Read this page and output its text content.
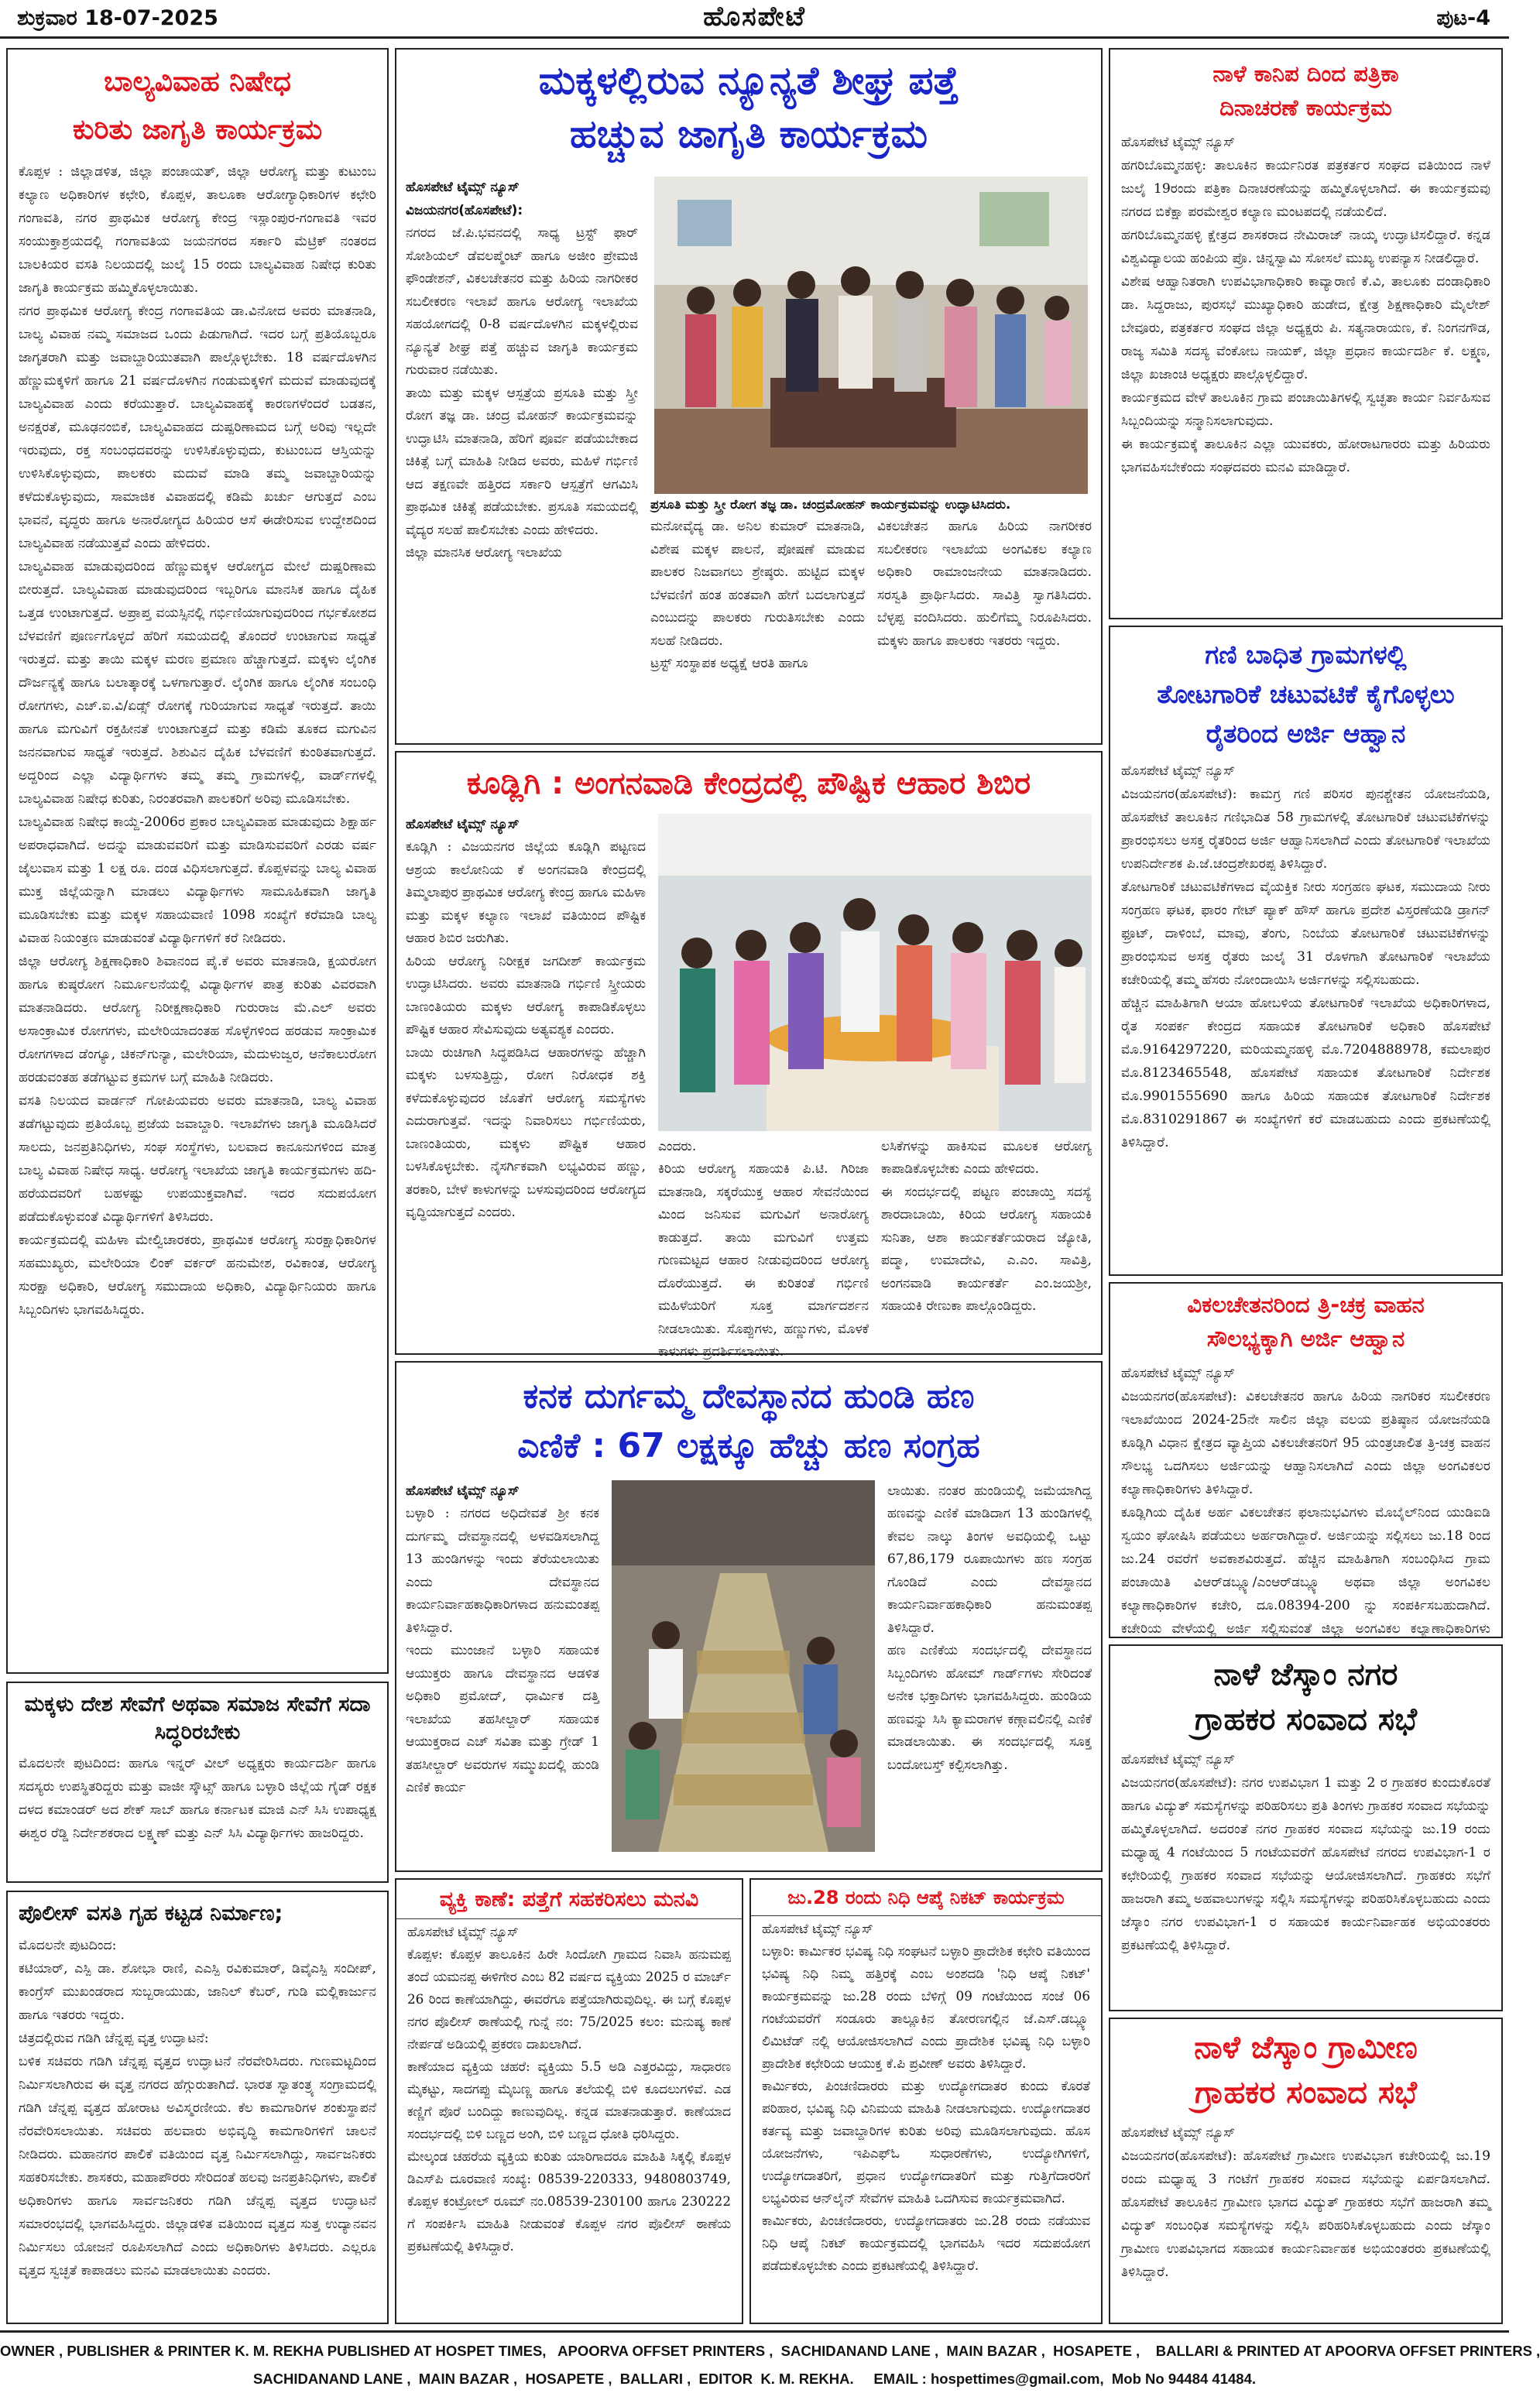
ಶುಕ್ರವಾರ 18-07-2025	ಹೊಸಪೇಟೆ	ಪುಟ-4
ಬಾಲ್ಯವಿವಾಹ ನಿಷೇಧ
ಕುರಿತು ಜಾಗೃತಿ ಕಾರ್ಯಕ್ರಮ
ಕೊಪ್ಪಳ : ಜಿಲ್ಲಾಡಳಿತ, ಜಿಲ್ಲಾ ಪಂಚಾಯತ್, ಜಿಲ್ಲಾ ಆರೋಗ್ಯ ಮತ್ತು ಕುಟುಂಬ ಕಲ್ಯಾಣ ಅಧಿಕಾರಿಗಳ ಕಛೇರಿ, ಕೊಪ್ಪಳ, ತಾಲೂಕಾ ಆರೋಗ್ಯಾಧಿಕಾರಿಗಳ ಕಛೇರಿ ಗಂಗಾವತಿ, ನಗರ ಪ್ರಾಥಮಿಕ ಆರೋಗ್ಯ ಕೇಂದ್ರ ಇಸ್ಲಾಂಪುರ-ಗಂಗಾವತಿ ಇವರ ಸಂಯುಕ್ತಾಶ್ರಯದಲ್ಲಿ ಗಂಗಾವತಿಯ ಜಯನಗರದ ಸರ್ಕಾರಿ ಮೆಟ್ರಿಕ್ ನಂತರದ ಬಾಲಕಿಯರ ವಸತಿ ನಿಲಯದಲ್ಲಿ ಜುಲೈ 15 ರಂದು ಬಾಲ್ಯವಿವಾಹ ನಿಷೇಧ ಕುರಿತು ಜಾಗೃತಿ ಕಾರ್ಯಕ್ರಮ ಹಮ್ಮಿಕೊಳ್ಳಲಾಯಿತು.
ನಗರ ಪ್ರಾಥಮಿಕ ಆರೋಗ್ಯ ಕೇಂದ್ರ ಗಂಗಾವತಿಯ ಡಾ.ವಿನೋದ ಅವರು ಮಾತನಾಡಿ, ಬಾಲ್ಯ ವಿವಾಹ ನಮ್ಮ ಸಮಾಜದ ಒಂದು ಪಿಡುಗಾಗಿದೆ. ಇದರ ಬಗ್ಗೆ ಪ್ರತಿಯೊಬ್ಬರೂ ಜಾಗೃತರಾಗಿ ಮತ್ತು ಜವಾಬ್ದಾರಿಯುತವಾಗಿ ಪಾಲ್ಗೊಳ್ಳಬೇಕು. 18 ವರ್ಷದೊಳಗಿನ ಹೆಣ್ಣುಮಕ್ಕಳಿಗೆ ಹಾಗೂ 21 ವರ್ಷದೊಳಗಿನ ಗಂಡುಮಕ್ಕಳಿಗೆ ಮದುವೆ ಮಾಡುವುದಕ್ಕೆ ಬಾಲ್ಯವಿವಾಹ ಎಂದು ಕರೆಯುತ್ತಾರೆ. ಬಾಲ್ಯವಿವಾಹಕ್ಕೆ ಕಾರಣಗಳೆಂದರೆ ಬಡತನ, ಅನಕ್ಷರತೆ, ಮೂಢನಂಬಿಕೆ, ಬಾಲ್ಯವಿವಾಹದ ದುಷ್ಪರಿಣಾಮದ ಬಗ್ಗೆ ಅರಿವು ಇಲ್ಲದೇ ಇರುವುದು, ರಕ್ತ ಸಂಬಂಧದವರನ್ನು ಉಳಿಸಿಕೊಳ್ಳುವುದು, ಕುಟುಂಬದ ಆಸ್ತಿಯನ್ನು ಉಳಿಸಿಕೊಳ್ಳುವುದು, ಪಾಲಕರು ಮದುವೆ ಮಾಡಿ ತಮ್ಮ ಜವಾಬ್ದಾರಿಯನ್ನು ಕಳೆದುಕೊಳ್ಳುವುದು, ಸಾಮಾಜಿಕ ವಿವಾಹದಲ್ಲಿ ಕಡಿಮೆ ಖರ್ಚು ಆಗುತ್ತದೆ ಎಂಬ ಭಾವನೆ, ವೃದ್ಧರು ಹಾಗೂ ಅನಾರೋಗ್ಯದ ಹಿರಿಯರ ಆಸೆ ಈಡೇರಿಸುವ ಉದ್ದೇಶದಿಂದ ಬಾಲ್ಯವಿವಾಹ ನಡೆಯುತ್ತವೆ ಎಂದು ಹೇಳಿದರು.
ಬಾಲ್ಯವಿವಾಹ ಮಾಡುವುದರಿಂದ ಹೆಣ್ಣುಮಕ್ಕಳ ಆರೋಗ್ಯದ ಮೇಲೆ ದುಷ್ಪರಿಣಾಮ ಬೀರುತ್ತದೆ. ಬಾಲ್ಯವಿವಾಹ ಮಾಡುವುದರಿಂದ ಇಬ್ಬರಿಗೂ ಮಾನಸಿಕ ಹಾಗೂ ದೈಹಿಕ ಒತ್ತಡ ಉಂಟಾಗುತ್ತದೆ. ಅಪ್ರಾಪ್ತ ವಯಸ್ಸಿನಲ್ಲಿ ಗರ್ಭಿಣಿಯಾಗುವುದರಿಂದ ಗರ್ಭಕೋಶದ ಬೆಳವಣಿಗೆ ಪೂರ್ಣಗೊಳ್ಳದೆ ಹೆರಿಗೆ ಸಮಯದಲ್ಲಿ ತೊಂದರೆ ಉಂಟಾಗುವ ಸಾಧ್ಯತೆ ಇರುತ್ತದೆ. ಮತ್ತು ತಾಯಿ ಮಕ್ಕಳ ಮರಣ ಪ್ರಮಾಣ ಹೆಚ್ಚಾಗುತ್ತದೆ. ಮಕ್ಕಳು ಲೈಂಗಿಕ ದೌರ್ಜನ್ಯಕ್ಕೆ ಹಾಗೂ ಬಲಾತ್ಕಾರಕ್ಕೆ ಒಳಗಾಗುತ್ತಾರೆ. ಲೈಂಗಿಕ ಹಾಗೂ ಲೈಂಗಿಕ ಸಂಬಂಧಿ ರೋಗಗಳು, ಎಚ್.ಐ.ವಿ/ಏಡ್ಸ್ ರೋಗಕ್ಕೆ ಗುರಿಯಾಗುವ ಸಾಧ್ಯತೆ ಇರುತ್ತದೆ. ತಾಯಿ ಹಾಗೂ ಮಗುವಿಗೆ ರಕ್ತಹೀನತೆ ಉಂಟಾಗುತ್ತದೆ ಮತ್ತು ಕಡಿಮೆ ತೂಕದ ಮಗುವಿನ ಜನನವಾಗುವ ಸಾಧ್ಯತೆ ಇರುತ್ತದೆ. ಶಿಶುವಿನ ದೈಹಿಕ ಬೆಳವಣಿಗೆ ಕುಂಠಿತವಾಗುತ್ತದೆ. ಅದ್ದರಿಂದ ಎಲ್ಲಾ ವಿದ್ಯಾರ್ಥಿಗಳು ತಮ್ಮ ತಮ್ಮ ಗ್ರಾಮಗಳಲ್ಲಿ, ವಾರ್ಡ್‌ಗಳಲ್ಲಿ ಬಾಲ್ಯವಿವಾಹ ನಿಷೇಧ ಕುರಿತು, ನಿರಂತರವಾಗಿ ಪಾಲಕರಿಗೆ ಅರಿವು ಮೂಡಿಸಬೇಕು.
ಬಾಲ್ಯವಿವಾಹ ನಿಷೇಧ ಕಾಯ್ದೆ-2006ರ ಪ್ರಕಾರ ಬಾಲ್ಯವಿವಾಹ ಮಾಡುವುದು ಶಿಕ್ಷಾರ್ಹ ಅಪರಾಧವಾಗಿದೆ. ಅದನ್ನು ಮಾಡುವವರಿಗೆ ಮತ್ತು ಮಾಡಿಸುವವರಿಗೆ ಎರಡು ವರ್ಷ ಜೈಲುವಾಸ ಮತ್ತು 1 ಲಕ್ಷ ರೂ. ದಂಡ ವಿಧಿಸಲಾಗುತ್ತದೆ. ಕೊಪ್ಪಳವನ್ನು ಬಾಲ್ಯ ವಿವಾಹ ಮುಕ್ತ ಜಿಲ್ಲೆಯನ್ನಾಗಿ ಮಾಡಲು ವಿದ್ಯಾರ್ಥಿಗಳು ಸಾಮೂಹಿಕವಾಗಿ ಜಾಗೃತಿ ಮೂಡಿಸಬೇಕು ಮತ್ತು ಮಕ್ಕಳ ಸಹಾಯವಾಣಿ 1098 ಸಂಖ್ಯೆಗೆ ಕರೆಮಾಡಿ ಬಾಲ್ಯ ವಿವಾಹ ನಿಯಂತ್ರಣ ಮಾಡುವಂತೆ ವಿದ್ಯಾರ್ಥಿಗಳಿಗೆ ಕರೆ ನೀಡಿದರು.
ಜಿಲ್ಲಾ ಆರೋಗ್ಯ ಶಿಕ್ಷಣಾಧಿಕಾರಿ ಶಿವಾನಂದ ಪೈ.ಕೆ ಅವರು ಮಾತನಾಡಿ, ಕ್ಷಯರೋಗ ಹಾಗೂ ಕುಷ್ಠರೋಗ ನಿರ್ಮೂಲನೆಯಲ್ಲಿ ವಿದ್ಯಾರ್ಥಿಗಳ ಪಾತ್ರ ಕುರಿತು ವಿವರವಾಗಿ ಮಾತನಾಡಿದರು. ಆರೋಗ್ಯ ನಿರೀಕ್ಷಣಾಧಿಕಾರಿ ಗುರುರಾಜ ಮೆ.ಎಲ್ ಅವರು ಅಸಾಂಕ್ರಾಮಿಕ ರೋಗಗಳು, ಮಲೇರಿಯಾದಂತಹ ಸೊಳ್ಳೆಗಳಿಂದ ಹರಡುವ ಸಾಂಕ್ರಾಮಿಕ ರೋಗಗಳಾದ ಡೆಂಗ್ಯೂ, ಚಿಕನ್‌ಗುನ್ಯಾ, ಮಲೇರಿಯಾ, ಮೆದುಳುಜ್ವರ, ಆನೆಕಾಲುರೋಗ ಹರಡುವಂತಹ ತಡೆಗಟ್ಟುವ ಕ್ರಮಗಳ ಬಗ್ಗೆ ಮಾಹಿತಿ ನೀಡಿದರು.
ವಸತಿ ನಿಲಯದ ವಾರ್ಡನ್ ಗೋಪಿಯವರು ಅವರು ಮಾತನಾಡಿ, ಬಾಲ್ಯ ವಿವಾಹ ತಡೆಗಟ್ಟುವುದು ಪ್ರತಿಯೊಬ್ಬ ಪ್ರಜೆಯ ಜವಾಬ್ದಾರಿ. ಇಲಾಖೆಗಳು ಜಾಗೃತಿ ಮೂಡಿಸಿದರೆ ಸಾಲದು, ಜನಪ್ರತಿನಿಧಿಗಳು, ಸಂಘ ಸಂಸ್ಥೆಗಳು, ಬಲವಾದ ಕಾನೂನುಗಳಿಂದ ಮಾತ್ರ ಬಾಲ್ಯ ವಿವಾಹ ನಿಷೇಧ ಸಾಧ್ಯ. ಆರೋಗ್ಯ ಇಲಾಖೆಯ ಜಾಗೃತಿ ಕಾರ್ಯಕ್ರಮಗಳು ಹದಿ-ಹರೆಯದವರಿಗೆ ಬಹಳಷ್ಟು ಉಪಯುಕ್ತವಾಗಿವೆ. ಇದರ ಸದುಪಯೋಗ ಪಡೆದುಕೊಳ್ಳುವಂತೆ ವಿದ್ಯಾರ್ಥಿಗಳಿಗೆ ತಿಳಿಸಿದರು.
ಕಾರ್ಯಕ್ರಮದಲ್ಲಿ ಮಹಿಳಾ ಮೇಲ್ವಿಚಾರಕರು, ಪ್ರಾಥಮಿಕ ಆರೋಗ್ಯ ಸುರಕ್ಷಾಧಿಕಾರಿಗಳ ಸಹಮುಖ್ಯರು, ಮಲೇರಿಯಾ ಲಿಂಕ್ ವರ್ಕರ್ ಹನುಮೇಶ, ರವಿಕಾಂತ, ಆರೋಗ್ಯ ಸುರಕ್ಷಾ ಅಧಿಕಾರಿ, ಆರೋಗ್ಯ ಸಮುದಾಯ ಅಧಿಕಾರಿ, ವಿದ್ಯಾರ್ಥಿನಿಯರು ಹಾಗೂ ಸಿಬ್ಬಂದಿಗಳು ಭಾಗವಹಿಸಿದ್ದರು.
ಮಕ್ಕಳು ದೇಶ ಸೇವೆಗೆ ಅಥವಾ ಸಮಾಜ ಸೇವೆಗೆ ಸದಾ ಸಿದ್ಧರಿರಬೇಕು
ಮೊದಲನೇ ಪುಟದಿಂದ: ಹಾಗೂ ಇನ್ನರ್ ವೀಲ್ ಅಧ್ಯಕ್ಷರು ಕಾರ್ಯದರ್ಶಿ ಹಾಗೂ ಸದಸ್ಯರು ಉಪಸ್ಥಿತರಿದ್ದರು ಮತ್ತು ವಾಜೀ ಸ್ಕೌಟ್ಸ್ ಹಾಗೂ ಬಳ್ಳಾರಿ ಜಿಲ್ಲೆಯ ಗೈಡ್ ರಕ್ಷಕ ದಳದ ಕಮಾಂಡರ್ ಅದ ಶೇಕ್ ಸಾಬ್ ಹಾಗೂ ಕರ್ನಾಟಕ ಮಾಜಿ ಎನ್ ಸಿಸಿ ಉಪಾಧ್ಯಕ್ಷ ಈಶ್ವರ ರೆಡ್ಡಿ ನಿರ್ದೇಶಕರಾದ ಲಕ್ಷ್ಮಣ್ ಮತ್ತು ಎನ್ ಸಿಸಿ ವಿದ್ಯಾರ್ಥಿಗಳು ಹಾಜರಿದ್ದರು.
ಪೊಲೀಸ್ ವಸತಿ ಗೃಹ ಕಟ್ಟಡ ನಿರ್ಮಾಣ;
ಮೊದಲನೇ ಪುಟದಿಂದ:
ಕಟಿಯಾರ್, ಎಸ್ಪಿ ಡಾ. ಶೋಭಾ ರಾಣಿ, ಎಎಸ್ಪಿ ರವಿಕುಮಾರ್, ಡಿವೈಎಸ್ಪಿ ಸಂದೀಪ್, ಕಾಂಗ್ರೆಸ್ ಮುಖಂಡರಾದ ಸುಬ್ಬರಾಯುಡು, ಜಾನಿಲ್ ಕೆಬರ್, ಗುಡಿ ಮಲ್ಲಿಕಾರ್ಜುನ ಹಾಗೂ ಇತರರು ಇದ್ದರು.
ಚಿತ್ರದಲ್ಲಿರುವ ಗಡಿಗಿ ಚೆನ್ನಪ್ಪ ವೃತ್ತ ಉದ್ಘಾಟನೆ:
ಬಳಿಕ ಸಚಿವರು ಗಡಿಗಿ ಚೆನ್ನಪ್ಪ ವೃತ್ತದ ಉದ್ಘಾಟನೆ ನೆರವೇರಿಸಿದರು. ಗುಣಮಟ್ಟದಿಂದ ನಿರ್ಮಿಸಲಾಗಿರುವ ಈ ವೃತ್ತ ನಗರದ ಹೆಗ್ಗುರುತಾಗಿದೆ. ಭಾರತ ಸ್ವಾತಂತ್ರ್ಯ ಸಂಗ್ರಾಮದಲ್ಲಿ ಗಡಿಗಿ ಚೆನ್ನಪ್ಪ ವೃತ್ತದ ಹೋರಾಟ ಅವಿಸ್ಮರಣೀಯ. ಕೆಲ ಕಾಮಗಾರಿಗಳ ಶಂಕುಸ್ಥಾಪನೆ ನೆರವೇರಿಸಲಾಯಿತು. ಸಚಿವರು ಹಲವಾರು ಅಭಿವೃದ್ಧಿ ಕಾಮಗಾರಿಗಳಿಗೆ ಚಾಲನೆ ನೀಡಿದರು. ಮಹಾನಗರ ಪಾಲಿಕೆ ವತಿಯಿಂದ ವೃತ್ತ ನಿರ್ಮಿಸಲಾಗಿದ್ದು, ಸಾರ್ವಜನಿಕರು ಸಹಕರಿಸಬೇಕು. ಶಾಸಕರು, ಮಹಾಪೌರರು ಸೇರಿದಂತೆ ಹಲವು ಜನಪ್ರತಿನಿಧಿಗಳು, ಪಾಲಿಕೆ ಅಧಿಕಾರಿಗಳು ಹಾಗೂ ಸಾರ್ವಜನಿಕರು ಗಡಿಗಿ ಚೆನ್ನಪ್ಪ ವೃತ್ತದ ಉದ್ಘಾಟನೆ ಸಮಾರಂಭದಲ್ಲಿ ಭಾಗವಹಿಸಿದ್ದರು. ಜಿಲ್ಲಾಡಳಿತ ವತಿಯಿಂದ ವೃತ್ತದ ಸುತ್ತ ಉದ್ಯಾನವನ ನಿರ್ಮಿಸಲು ಯೋಜನೆ ರೂಪಿಸಲಾಗಿದೆ ಎಂದು ಅಧಿಕಾರಿಗಳು ತಿಳಿಸಿದರು. ಎಲ್ಲರೂ ವೃತ್ತದ ಸ್ವಚ್ಛತೆ ಕಾಪಾಡಲು ಮನವಿ ಮಾಡಲಾಯಿತು ಎಂದರು.
ಮಕ್ಕಳಲ್ಲಿರುವ ನ್ಯೂನ್ಯತೆ ಶೀಘ್ರ ಪತ್ತೆ
ಹಚ್ಚುವ ಜಾಗೃತಿ ಕಾರ್ಯಕ್ರಮ
ಹೊಸಪೇಟೆ ಟೈಮ್ಸ್ ನ್ಯೂಸ್
ವಿಜಯನಗರ(ಹೊಸಪೇಟೆ):
ನಗರದ ಜೆ.ಪಿ.ಭವನದಲ್ಲಿ ಸಾಧ್ಯ ಟ್ರಸ್ಟ್ ಫಾರ್ ಸೋಶಿಯಲ್ ಡೆವಲಪ್ಮೆಂಟ್ ಹಾಗೂ ಅಜೀಂ ಪ್ರೇಮಜಿ ಫೌಂಡೇಶನ್, ವಿಕಲಚೇತನರ ಮತ್ತು ಹಿರಿಯ ನಾಗರೀಕರ ಸಬಲೀಕರಣ ಇಲಾಖೆ ಹಾಗೂ ಆರೋಗ್ಯ ಇಲಾಖೆಯ ಸಹಯೋಗದಲ್ಲಿ 0-8 ವರ್ಷದೊಳಗಿನ ಮಕ್ಕಳಲ್ಲಿರುವ ನ್ಯೂನ್ಯತೆ ಶೀಘ್ರ ಪತ್ತೆ ಹಚ್ಚುವ ಜಾಗೃತಿ ಕಾರ್ಯಕ್ರಮ ಗುರುವಾರ ನಡೆಯಿತು.
ತಾಯಿ ಮತ್ತು ಮಕ್ಕಳ ಆಸ್ಪತ್ರೆಯ ಪ್ರಸೂತಿ ಮತ್ತು ಸ್ತ್ರೀ ರೋಗ ತಜ್ಞ ಡಾ. ಚಂದ್ರ ಮೋಹನ್ ಕಾರ್ಯಕ್ರಮವನ್ನು ಉದ್ಘಾಟಿಸಿ ಮಾತನಾಡಿ, ಹೆರಿಗೆ ಪೂರ್ವ ಪಡೆಯಬೇಕಾದ ಚಿಕಿತ್ಸೆ ಬಗ್ಗೆ ಮಾಹಿತಿ ನೀಡಿದ ಅವರು, ಮಹಿಳೆ ಗರ್ಭಿಣಿ ಆದ ತಕ್ಷಣವೇ ಹತ್ತಿರದ ಸರ್ಕಾರಿ ಆಸ್ಪತ್ರೆಗೆ ಆಗಮಿಸಿ ಪ್ರಾಥಮಿಕ ಚಿಕಿತ್ಸೆ ಪಡೆಯಬೇಕು. ಪ್ರಸೂತಿ ಸಮಯದಲ್ಲಿ ವೈದ್ಯರ ಸಲಹೆ ಪಾಲಿಸಬೇಕು ಎಂದು ಹೇಳಿದರು.
ಜಿಲ್ಲಾ ಮಾನಸಿಕ ಆರೋಗ್ಯ ಇಲಾಖೆಯ
ಪ್ರಸೂತಿ ಮತ್ತು ಸ್ತ್ರೀ ರೋಗ ತಜ್ಞ ಡಾ. ಚಂದ್ರಮೋಹನ್ ಕಾರ್ಯಕ್ರಮವನ್ನು ಉದ್ಘಾಟಿಸಿದರು.
ಮನೋವೈದ್ಯ ಡಾ. ಅನಿಲ ಕುಮಾರ್ ಮಾತನಾಡಿ, ವಿಶೇಷ ಮಕ್ಕಳ ಪಾಲನೆ, ಪೋಷಣೆ ಮಾಡುವ ಪಾಲಕರ ನಿಜವಾಗಲು ಶ್ರೇಷ್ಠರು. ಹುಟ್ಟಿದ ಮಕ್ಕಳ ಬೆಳವಣಿಗೆ ಹಂತ ಹಂತವಾಗಿ ಹೇಗೆ ಬದಲಾಗುತ್ತದೆ ಎಂಬುದನ್ನು ಪಾಲಕರು ಗುರುತಿಸಬೇಕು ಎಂದು ಸಲಹೆ ನೀಡಿದರು.
ಟ್ರಸ್ಟ್ ಸಂಸ್ಥಾಪಕ ಅಧ್ಯಕ್ಷೆ ಆರತಿ ಹಾಗೂ
ವಿಕಲಚೇತನ ಹಾಗೂ ಹಿರಿಯ ನಾಗರೀಕರ ಸಬಲೀಕರಣ ಇಲಾಖೆಯ ಅಂಗವಿಕಲ ಕಲ್ಯಾಣ ಅಧಿಕಾರಿ ರಾಮಾಂಜನೇಯ ಮಾತನಾಡಿದರು. ಸರಸ್ವತಿ ಪ್ರಾರ್ಥಿಸಿದರು. ಸಾವಿತ್ರಿ ಸ್ವಾಗತಿಸಿದರು. ಬೆಳ್ಳಪ್ಪ ವಂದಿಸಿದರು. ಹುಲಿಗೆಮ್ಮ ನಿರೂಪಿಸಿದರು. ಮಕ್ಕಳು ಹಾಗೂ ಪಾಲಕರು ಇತರರು ಇದ್ದರು.
ಕೂಡ್ಲಿಗಿ : ಅಂಗನವಾಡಿ ಕೇಂದ್ರದಲ್ಲಿ ಪೌಷ್ಟಿಕ ಆಹಾರ ಶಿಬಿರ
ಹೊಸಪೇಟೆ ಟೈಮ್ಸ್ ನ್ಯೂಸ್
ಕೂಡ್ಲಿಗಿ : ವಿಜಯನಗರ ಜಿಲ್ಲೆಯ ಕೂಡ್ಲಿಗಿ ಪಟ್ಟಣದ ಆಶ್ರಯ ಕಾಲೋನಿಯ ಕೆ ಅಂಗನವಾಡಿ ಕೇಂದ್ರದಲ್ಲಿ ತಿಮ್ಮಲಾಪುರ ಪ್ರಾಥಮಿಕ ಆರೋಗ್ಯ ಕೇಂದ್ರ ಹಾಗೂ ಮಹಿಳಾ ಮತ್ತು ಮಕ್ಕಳ ಕಲ್ಯಾಣ ಇಲಾಖೆ ವತಿಯಿಂದ ಪೌಷ್ಟಿಕ ಆಹಾರ ಶಿಬಿರ ಜರುಗಿತು.
ಹಿರಿಯ ಆರೋಗ್ಯ ನಿರೀಕ್ಷಕ ಜಗದೀಶ್ ಕಾರ್ಯಕ್ರಮ ಉದ್ಘಾಟಿಸಿದರು. ಅವರು ಮಾತನಾಡಿ ಗರ್ಭಿಣಿ ಸ್ತ್ರೀಯರು ಬಾಣಂತಿಯರು ಮಕ್ಕಳು ಆರೋಗ್ಯ ಕಾಪಾಡಿಕೊಳ್ಳಲು ಪೌಷ್ಟಿಕ ಆಹಾರ ಸೇವಿಸುವುದು ಅತ್ಯವಶ್ಯಕ ಎಂದರು.
ಬಾಯಿ ರುಚಿಗಾಗಿ ಸಿದ್ಧಪಡಿಸಿದ ಆಹಾರಗಳನ್ನು ಹೆಚ್ಚಾಗಿ ಮಕ್ಕಳು ಬಳಸುತ್ತಿದ್ದು, ರೋಗ ನಿರೋಧಕ ಶಕ್ತಿ ಕಳೆದುಕೊಳ್ಳುವುದರ ಜೊತೆಗೆ ಆರೋಗ್ಯ ಸಮಸ್ಯೆಗಳು ಎದುರಾಗುತ್ತವೆ. ಇದನ್ನು ನಿವಾರಿಸಲು ಗರ್ಭಿಣಿಯರು, ಬಾಣಂತಿಯರು, ಮಕ್ಕಳು ಪೌಷ್ಟಿಕ ಆಹಾರ ಬಳಸಿಕೊಳ್ಳಬೇಕು. ನೈಸರ್ಗಿಕವಾಗಿ ಲಭ್ಯವಿರುವ ಹಣ್ಣು, ತರಕಾರಿ, ಬೇಳೆ ಕಾಳುಗಳನ್ನು ಬಳಸುವುದರಿಂದ ಆರೋಗ್ಯದ ವೃದ್ಧಿಯಾಗುತ್ತದೆ ಎಂದರು.
ಎಂದರು.
ಕಿರಿಯ ಆರೋಗ್ಯ ಸಹಾಯಕಿ ಪಿ.ಟಿ. ಗಿರಿಜಾ ಮಾತನಾಡಿ, ಸಕ್ಕರೆಯುಕ್ತ ಆಹಾರ ಸೇವನೆಯಿಂದ ಮಿಂದ ಜನಿಸುವ ಮಗುವಿಗೆ ಅನಾರೋಗ್ಯ ಕಾಡುತ್ತದೆ. ತಾಯಿ ಮಗುವಿಗೆ ಉತ್ತಮ ಗುಣಮಟ್ಟದ ಆಹಾರ ನೀಡುವುದರಿಂದ ಆರೋಗ್ಯ ದೊರೆಯುತ್ತದೆ. ಈ ಕುರಿತಂತೆ ಗರ್ಭಿಣಿ ಮಹಿಳೆಯರಿಗೆ ಸೂಕ್ತ ಮಾರ್ಗದರ್ಶನ ನೀಡಲಾಯಿತು. ಸೊಪ್ಪುಗಳು, ಹಣ್ಣುಗಳು, ಮೊಳಕೆ ಕಾಳುಗಳು ಪ್ರದರ್ಶಿಸಲಾಯಿತು.
ಲಸಿಕೆಗಳನ್ನು ಹಾಕಿಸುವ ಮೂಲಕ ಆರೋಗ್ಯ ಕಾಪಾಡಿಕೊಳ್ಳಬೇಕು ಎಂದು ಹೇಳಿದರು.
ಈ ಸಂದರ್ಭದಲ್ಲಿ ಪಟ್ಟಣ ಪಂಚಾಯ್ತಿ ಸದಸ್ಯೆ ಶಾರದಾಬಾಯಿ, ಕಿರಿಯ ಆರೋಗ್ಯ ಸಹಾಯಕಿ ಸುನಿತಾ, ಆಶಾ ಕಾರ್ಯಕರ್ತೆಯರಾದ ಜ್ಯೋತಿ, ಪದ್ಮಾ, ಉಮಾದೇವಿ, ಎ.ಎಂ. ಸಾವಿತ್ರಿ, ಅಂಗನವಾಡಿ ಕಾರ್ಯಕರ್ತೆ ಎಂ.ಜಯಶ್ರೀ, ಸಹಾಯಕಿ ರೇಣುಕಾ ಪಾಲ್ಗೊಂಡಿದ್ದರು.
ಕನಕ ದುರ್ಗಮ್ಮ ದೇವಸ್ಥಾನದ ಹುಂಡಿ ಹಣ
ಎಣಿಕೆ : 67 ಲಕ್ಷಕ್ಕೂ ಹೆಚ್ಚು ಹಣ ಸಂಗ್ರಹ
ಹೊಸಪೇಟೆ ಟೈಮ್ಸ್ ನ್ಯೂಸ್
ಬಳ್ಳಾರಿ : ನಗರದ ಅಧಿದೇವತೆ ಶ್ರೀ ಕನಕ ದುರ್ಗಮ್ಮ ದೇವಸ್ಥಾನದಲ್ಲಿ ಅಳವಡಿಸಲಾಗಿದ್ದ 13 ಹುಂಡಿಗಳನ್ನು ಇಂದು ತೆರೆಯಲಾಯಿತು ಎಂದು ದೇವಸ್ಥಾನದ ಕಾರ್ಯನಿರ್ವಾಹಕಾಧಿಕಾರಿಗಳಾದ ಹನುಮಂತಪ್ಪ ತಿಳಿಸಿದ್ದಾರೆ.
ಇಂದು ಮುಂಜಾನೆ ಬಳ್ಳಾರಿ ಸಹಾಯಕ ಆಯುಕ್ತರು ಹಾಗೂ ದೇವಸ್ಥಾನದ ಆಡಳಿತ ಅಧಿಕಾರಿ ಪ್ರಮೋದ್, ಧಾರ್ಮಿಕ ದತ್ತಿ ಇಲಾಖೆಯ ತಹಸೀಲ್ದಾರ್ ಸಹಾಯಕ ಆಯುಕ್ತರಾದ ಎಚ್ ಸವಿತಾ ಮತ್ತು ಗ್ರೇಡ್ 1 ತಹಸೀಲ್ದಾರ್ ಅವರುಗಳ ಸಮ್ಮುಖದಲ್ಲಿ ಹುಂಡಿ ಎಣಿಕೆ ಕಾರ್ಯ
ಲಾಯಿತು. ನಂತರ ಹುಂಡಿಯಲ್ಲಿ ಜಮೆಯಾಗಿದ್ದ ಹಣವನ್ನು ಎಣಿಕೆ ಮಾಡಿದಾಗ 13 ಹುಂಡಿಗಳಲ್ಲಿ ಕೇವಲ ನಾಲ್ಕು ತಿಂಗಳ ಅವಧಿಯಲ್ಲಿ ಒಟ್ಟು 67,86,179 ರೂಪಾಯಿಗಳು ಹಣ ಸಂಗ್ರಹ ಗೊಂಡಿದೆ ಎಂದು ದೇವಸ್ಥಾನದ ಕಾರ್ಯನಿರ್ವಾಹಕಾಧಿಕಾರಿ ಹನುಮಂತಪ್ಪ ತಿಳಿಸಿದ್ದಾರೆ.
ಹಣ ಎಣಿಕೆಯ ಸಂದರ್ಭದಲ್ಲಿ ದೇವಸ್ಥಾನದ ಸಿಬ್ಬಂದಿಗಳು ಹೋಮ್ ಗಾರ್ಡ್‌ಗಳು ಸೇರಿದಂತೆ ಅನೇಕ ಭಕ್ತಾದಿಗಳು ಭಾಗವಹಿಸಿದ್ದರು. ಹುಂಡಿಯ ಹಣವನ್ನು ಸಿಸಿ ಕ್ಯಾಮರಾಗಳ ಕಣ್ಗಾವಲಿನಲ್ಲಿ ಎಣಿಕೆ ಮಾಡಲಾಯಿತು. ಈ ಸಂದರ್ಭದಲ್ಲಿ ಸೂಕ್ತ ಬಂದೋಬಸ್ತ್ ಕಲ್ಪಿಸಲಾಗಿತ್ತು.
ವ್ಯಕ್ತಿ ಕಾಣೆ: ಪತ್ತೆಗೆ ಸಹಕರಿಸಲು ಮನವಿ
ಹೊಸಪೇಟೆ ಟೈಮ್ಸ್ ನ್ಯೂಸ್
ಕೊಪ್ಪಳ: ಕೊಪ್ಪಳ ತಾಲೂಕಿನ ಹಿರೇ ಸಿಂದೋಗಿ ಗ್ರಾಮದ ನಿವಾಸಿ ಹನುಮಪ್ಪ ತಂದೆ ಯಮನಪ್ಪ ಈಳಿಗೇರ ಎಂಬ 82 ವರ್ಷದ ವ್ಯಕ್ತಿಯು 2025 ರ ಮಾರ್ಚ್ 26 ರಿಂದ ಕಾಣೆಯಾಗಿದ್ದು, ಈವರೆಗೂ ಪತ್ತೆಯಾಗಿರುವುದಿಲ್ಲ. ಈ ಬಗ್ಗೆ ಕೊಪ್ಪಳ ನಗರ ಪೊಲೀಸ್ ಠಾಣೆಯಲ್ಲಿ ಗುನ್ನೆ ನಂ: 75/2025 ಕಲಂ: ಮನುಷ್ಯ ಕಾಣೆ ನೇರ್ಪಡೆ ಅಡಿಯಲ್ಲಿ ಪ್ರಕರಣ ದಾಖಲಾಗಿದೆ.
ಕಾಣೆಯಾದ ವ್ಯಕ್ತಿಯ ಚಹರೆ: ವ್ಯಕ್ತಿಯು 5.5 ಅಡಿ ಎತ್ತರವಿದ್ದು, ಸಾಧಾರಣ ಮೈಕಟ್ಟು, ಸಾದಗಪ್ಪು ಮೈಬಣ್ಣ ಹಾಗೂ ತಲೆಯಲ್ಲಿ ಬಿಳಿ ಕೂದಲುಗಳಿವೆ. ಎಡ ಕಣ್ಣಿಗೆ ಪೊರೆ ಬಂದಿದ್ದು ಕಾಣುವುದಿಲ್ಲ. ಕನ್ನಡ ಮಾತನಾಡುತ್ತಾರೆ. ಕಾಣೆಯಾದ ಸಂದರ್ಭದಲ್ಲಿ ಬಿಳಿ ಬಣ್ಣದ ಅಂಗಿ, ಬಿಳಿ ಬಣ್ಣದ ಧೋತಿ ಧರಿಸಿದ್ದರು.
ಮೇಲ್ಕಂಡ ಚಹರೆಯ ವ್ಯಕ್ತಿಯ ಕುರಿತು ಯಾರಿಗಾದರೂ ಮಾಹಿತಿ ಸಿಕ್ಕಲ್ಲಿ ಕೊಪ್ಪಳ ಡಿಎಸ್‌ಪಿ ದೂರವಾಣಿ ಸಂಖ್ಯೆ: 08539-220333, 9480803749, ಕೊಪ್ಪಳ ಕಂಟ್ರೋಲ್ ರೂಮ್ ನಂ.08539-230100 ಹಾಗೂ 230222 ಗೆ ಸಂಪರ್ಕಿಸಿ ಮಾಹಿತಿ ನೀಡುವಂತೆ ಕೊಪ್ಪಳ ನಗರ ಪೊಲೀಸ್ ಠಾಣೆಯ ಪ್ರಕಟಣೆಯಲ್ಲಿ ತಿಳಿಸಿದ್ದಾರೆ.
ಜು.28 ರಂದು ನಿಧಿ ಆಪ್ಕೆ ನಿಕಟ್ ಕಾರ್ಯಕ್ರಮ
ಹೊಸಪೇಟೆ ಟೈಮ್ಸ್ ನ್ಯೂಸ್
ಬಳ್ಳಾರಿ: ಕಾರ್ಮಿಕರ ಭವಿಷ್ಯ ನಿಧಿ ಸಂಘಟನೆ ಬಳ್ಳಾರಿ ಪ್ರಾದೇಶಿಕ ಕಛೇರಿ ವತಿಯಿಂದ ಭವಿಷ್ಯ ನಿಧಿ ನಿಮ್ಮ ಹತ್ತಿರಕ್ಕೆ ಎಂಬ ಅಂಶದಡಿ 'ನಿಧಿ ಆಪ್ಕೆ ನಿಕಟ್' ಕಾರ್ಯಕ್ರಮವನ್ನು ಜು.28 ರಂದು ಬೆಳಿಗ್ಗೆ 09 ಗಂಟೆಯಿಂದ ಸಂಜೆ 06 ಗಂಟೆಯವರೆಗೆ ಸಂಡೂರು ತಾಲ್ಲೂಕಿನ ತೋರಣಗಲ್ಲಿನ ಜೆ.ಎಸ್.ಡಬ್ಲ್ಯೂ ಲಿಮಿಟೆಡ್ ನಲ್ಲಿ ಆಯೋಜಿಸಲಾಗಿದೆ ಎಂದು ಪ್ರಾದೇಶಿಕ ಭವಿಷ್ಯ ನಿಧಿ ಬಳ್ಳಾರಿ ಪ್ರಾದೇಶಿಕ ಕಛೇರಿಯ ಆಯುಕ್ತ ಕೆ.ಪಿ ಪ್ರವೀಣ್ ಅವರು ತಿಳಿಸಿದ್ದಾರೆ.
ಕಾರ್ಮಿಕರು, ಪಿಂಚಣಿದಾರರು ಮತ್ತು ಉದ್ಯೋಗದಾತರ ಕುಂದು ಕೊರತೆ ಪರಿಹಾರ, ಭವಿಷ್ಯ ನಿಧಿ ವಿನಿಮಯ ಮಾಹಿತಿ ನೀಡಲಾಗುವುದು. ಉದ್ಯೋಗದಾತರ ಕರ್ತವ್ಯ ಮತ್ತು ಜವಾಬ್ದಾರಿಗಳ ಕುರಿತು ಅರಿವು ಮೂಡಿಸಲಾಗುವುದು. ಹೊಸ ಯೋಜನೆಗಳು, ಇಪಿಎಫ್‌ಓ ಸುಧಾರಣೆಗಳು, ಉದ್ಯೋಗಿಗಳಿಗೆ, ಉದ್ಯೋಗದಾತರಿಗೆ, ಪ್ರಧಾನ ಉದ್ಯೋಗದಾತರಿಗೆ ಮತ್ತು ಗುತ್ತಿಗೆದಾರರಿಗೆ ಲಭ್ಯವಿರುವ ಆನ್‌ಲೈನ್ ಸೇವೆಗಳ ಮಾಹಿತಿ ಒದಗಿಸುವ ಕಾರ್ಯಕ್ರಮವಾಗಿದೆ.
ಕಾರ್ಮಿಕರು, ಪಿಂಚಣಿದಾರರು, ಉದ್ಯೋಗದಾತರು ಜು.28 ರಂದು ನಡೆಯುವ ನಿಧಿ ಆಪ್ಕೆ ನಿಕಟ್ ಕಾರ್ಯಕ್ರಮದಲ್ಲಿ ಭಾಗವಹಿಸಿ ಇದರ ಸದುಪಯೋಗ ಪಡೆದುಕೊಳ್ಳಬೇಕು ಎಂದು ಪ್ರಕಟಣೆಯಲ್ಲಿ ತಿಳಿಸಿದ್ದಾರೆ.
ನಾಳೆ ಕಾನಿಪ ದಿಂದ ಪತ್ರಿಕಾ
ದಿನಾಚರಣೆ ಕಾರ್ಯಕ್ರಮ
ಹೊಸಪೇಟೆ ಟೈಮ್ಸ್ ನ್ಯೂಸ್
ಹಗರಿಬೊಮ್ಮನಹಳ್ಳಿ: ತಾಲೂಕಿನ ಕಾರ್ಯನಿರತ ಪತ್ರಕರ್ತರ ಸಂಘದ ವತಿಯಿಂದ ನಾಳೆ ಜುಲೈ 19ರಂದು ಪತ್ರಿಕಾ ದಿನಾಚರಣೆಯನ್ನು ಹಮ್ಮಿಕೊಳ್ಳಲಾಗಿದೆ. ಈ ಕಾರ್ಯಕ್ರಮವು ನಗರದ ಬಿಕೆಕ್ಷಾ ಪರಮೇಶ್ವರ ಕಲ್ಯಾಣ ಮಂಟಪದಲ್ಲಿ ನಡೆಯಲಿದೆ.
ಹಗರಿಬೊಮ್ಮನಹಳ್ಳಿ ಕ್ಷೇತ್ರದ ಶಾಸಕರಾದ ನೇಮಿರಾಜ್ ನಾಯ್ಕ ಉದ್ಘಾಟಿಸಲಿದ್ದಾರೆ. ಕನ್ನಡ ವಿಶ್ವವಿದ್ಯಾಲಯ ಹಂಪಿಯ ಪ್ರೊ. ಚಿನ್ನಸ್ವಾಮಿ ಸೋಸಲೆ ಮುಖ್ಯ ಉಪನ್ಯಾಸ ನೀಡಲಿದ್ದಾರೆ.
ವಿಶೇಷ ಆಹ್ವಾನಿತರಾಗಿ ಉಪವಿಭಾಗಾಧಿಕಾರಿ ಕಾವ್ಯಾರಾಣಿ ಕೆ.ವಿ, ತಾಲೂಕು ದಂಡಾಧಿಕಾರಿ ಡಾ. ಸಿದ್ದರಾಜು, ಪುರಸಭೆ ಮುಖ್ಯಾಧಿಕಾರಿ ಹುಡೇದ, ಕ್ಷೇತ್ರ ಶಿಕ್ಷಣಾಧಿಕಾರಿ ಮೈಲೇಶ್ ಬೇವೂರು, ಪತ್ರಕರ್ತರ ಸಂಘದ ಜಿಲ್ಲಾ ಅಧ್ಯಕ್ಷರು ಪಿ. ಸತ್ಯನಾರಾಯಣ, ಕೆ. ನಿಂಗನಗೌಡ, ರಾಜ್ಯ ಸಮಿತಿ ಸದಸ್ಯ ವೆಂಕೋಬ ನಾಯಕ್, ಜಿಲ್ಲಾ ಪ್ರಧಾನ ಕಾರ್ಯದರ್ಶಿ ಕೆ. ಲಕ್ಷ್ಮಣ, ಜಿಲ್ಲಾ ಖಜಾಂಚಿ ಅಧ್ಯಕ್ಷರು ಪಾಲ್ಗೊಳ್ಳಲಿದ್ದಾರೆ.
ಕಾರ್ಯಕ್ರಮದ ವೇಳೆ ತಾಲೂಕಿನ ಗ್ರಾಮ ಪಂಚಾಯಿತಿಗಳಲ್ಲಿ ಸ್ವಚ್ಛತಾ ಕಾರ್ಯ ನಿರ್ವಹಿಸುವ ಸಿಬ್ಬಂದಿಯನ್ನು ಸನ್ಮಾನಿಸಲಾಗುವುದು.
ಈ ಕಾರ್ಯಕ್ರಮಕ್ಕೆ ತಾಲೂಕಿನ ಎಲ್ಲಾ ಯುವಕರು, ಹೋರಾಟಗಾರರು ಮತ್ತು ಹಿರಿಯರು ಭಾಗವಹಿಸಬೇಕೆಂದು ಸಂಘದವರು ಮನವಿ ಮಾಡಿದ್ದಾರೆ.
ಗಣಿ ಬಾಧಿತ ಗ್ರಾಮಗಳಲ್ಲಿ
ತೋಟಗಾರಿಕೆ ಚಟುವಟಿಕೆ ಕೈಗೊಳ್ಳಲು
ರೈತರಿಂದ ಅರ್ಜಿ ಆಹ್ವಾನ
ಹೊಸಪೇಟೆ ಟೈಮ್ಸ್ ನ್ಯೂಸ್
ವಿಜಯನಗರ(ಹೊಸಪೇಟೆ): ಕಾಮಗ್ರ ಗಣಿ ಪರಿಸರ ಪುನಶ್ಚೇತನ ಯೋಜನೆಯಡಿ, ಹೊಸಪೇಟೆ ತಾಲೂಕಿನ ಗಣಿಭಾದಿತ 58 ಗ್ರಾಮಗಳಲ್ಲಿ ತೋಟಗಾರಿಕೆ ಚಟುವಟಿಕೆಗಳನ್ನು ಪ್ರಾರಂಭಿಸಲು ಅಸಕ್ತ ರೈತರಿಂದ ಅರ್ಜಿ ಆಹ್ವಾನಿಸಲಾಗಿದೆ ಎಂದು ತೋಟಗಾರಿಕೆ ಇಲಾಖೆಯ ಉಪನಿರ್ದೇಶಕ ಪಿ.ಜೆ.ಚಂದ್ರಶೇಖರಪ್ಪ ತಿಳಿಸಿದ್ದಾರೆ.
ತೋಟಗಾರಿಕೆ ಚಟುವಟಿಕೆಗಳಾದ ವೈಯಕ್ತಿಕ ನೀರು ಸಂಗ್ರಹಣ ಘಟಕ, ಸಮುದಾಯ ನೀರು ಸಂಗ್ರಹಣ ಘಟಕ, ಫಾರಂ ಗೇಟ್ ಪ್ಯಾಕ್ ಹೌಸ್ ಹಾಗೂ ಪ್ರದೇಶ ವಿಸ್ತರಣೆಯಡಿ ಡ್ರಾಗನ್ ಫ್ರೂಟ್, ದಾಳಿಂಬೆ, ಮಾವು, ತೆಂಗು, ನಿಂಬೆಯ ತೋಟಗಾರಿಕೆ ಚಟುವಟಿಕೆಗಳನ್ನು ಪ್ರಾರಂಭಿಸುವ ಅಸಕ್ತ ರೈತರು ಜುಲೈ 31 ರೊಳಗಾಗಿ ತೋಟಗಾರಿಕೆ ಇಲಾಖೆಯ ಕಚೇರಿಯಲ್ಲಿ ತಮ್ಮ ಹೆಸರು ನೋಂದಾಯಿಸಿ ಅರ್ಜಿಗಳನ್ನು ಸಲ್ಲಿಸಬಹುದು.
ಹೆಚ್ಚಿನ ಮಾಹಿತಿಗಾಗಿ ಆಯಾ ಹೋಬಳಿಯ ತೋಟಗಾರಿಕೆ ಇಲಾಖೆಯ ಅಧಿಕಾರಿಗಳಾದ, ರೈತ ಸಂಪರ್ಕ ಕೇಂದ್ರದ ಸಹಾಯಕ ತೋಟಗಾರಿಕೆ ಅಧಿಕಾರಿ ಹೊಸಪೇಟೆ ಮೊ.9164297220, ಮರಿಯಮ್ಮನಹಳ್ಳಿ ಮೊ.7204888978, ಕಮಲಾಪುರ ಮೊ.8123465548, ಹೊಸಪೇಟೆ ಸಹಾಯಕ ತೋಟಗಾರಿಕೆ ನಿರ್ದೇಶಕ ಮೊ.9901555690 ಹಾಗೂ ಹಿರಿಯ ಸಹಾಯಕ ತೋಟಗಾರಿಕೆ ನಿರ್ದೇಶಕ ಮೊ.8310291867 ಈ ಸಂಖ್ಯೆಗಳಿಗೆ ಕರೆ ಮಾಡಬಹುದು ಎಂದು ಪ್ರಕಟಣೆಯಲ್ಲಿ ತಿಳಿಸಿದ್ದಾರೆ.
ವಿಕಲಚೇತನರಿಂದ ತ್ರಿ-ಚಕ್ರ ವಾಹನ
ಸೌಲಭ್ಯಕ್ಕಾಗಿ ಅರ್ಜಿ ಆಹ್ವಾನ
ಹೊಸಪೇಟೆ ಟೈಮ್ಸ್ ನ್ಯೂಸ್
ವಿಜಯನಗರ(ಹೊಸಪೇಟೆ): ವಿಕಲಚೇತನರ ಹಾಗೂ ಹಿರಿಯ ನಾಗರಿಕರ ಸಬಲೀಕರಣ ಇಲಾಖೆಯಿಂದ 2024-25ನೇ ಸಾಲಿನ ಜಿಲ್ಲಾ ವಲಯ ಪ್ರತಿಷ್ಠಾನ ಯೋಜನೆಯಡಿ ಕೂಡ್ಲಿಗಿ ವಿಧಾನ ಕ್ಷೇತ್ರದ ವ್ಯಾಪ್ತಿಯ ವಿಕಲಚೇತನರಿಗೆ 95 ಯಂತ್ರಚಾಲಿತ ತ್ರಿ-ಚಕ್ರ ವಾಹನ ಸೌಲಭ್ಯ ಒದಗಿಸಲು ಅರ್ಜಿಯನ್ನು ಆಹ್ವಾನಿಸಲಾಗಿದೆ ಎಂದು ಜಿಲ್ಲಾ ಅಂಗವಿಕಲರ ಕಲ್ಯಾಣಾಧಿಕಾರಿಗಳು ತಿಳಿಸಿದ್ದಾರೆ.
ಕೂಡ್ಲಿಗಿಯ ದೈಹಿಕ ಅರ್ಹ ವಿಕಲಚೇತನ ಫಲಾನುಭವಿಗಳು ಮೊಬೈಲ್‌ನಿಂದ ಯುಡಿಐಡಿ ಸ್ವಯಂ ಘೋಷಿಸಿ ಪಡೆಯಲು ಅರ್ಹರಾಗಿದ್ದಾರೆ. ಅರ್ಜಿಯನ್ನು ಸಲ್ಲಿಸಲು ಜು.18 ರಿಂದ ಜು.24 ರವರೆಗೆ ಅವಕಾಶವಿರುತ್ತದೆ. ಹೆಚ್ಚಿನ ಮಾಹಿತಿಗಾಗಿ ಸಂಬಂಧಿಸಿದ ಗ್ರಾಮ ಪಂಚಾಯಿತಿ ವಿಆರ್‌ಡಬ್ಲ್ಯೂ/ಎಂಆರ್‌ಡಬ್ಲ್ಯೂ ಅಥವಾ ಜಿಲ್ಲಾ ಅಂಗವಿಕಲ ಕಲ್ಯಾಣಾಧಿಕಾರಿಗಳ ಕಚೇರಿ, ದೂ.08394-200 ನ್ನು ಸಂಪರ್ಕಿಸಬಹುದಾಗಿದೆ. ಕಚೇರಿಯ ವೇಳೆಯಲ್ಲಿ ಅರ್ಜಿ ಸಲ್ಲಿಸುವಂತೆ ಜಿಲ್ಲಾ ಅಂಗವಿಕಲ ಕಲ್ಯಾಣಾಧಿಕಾರಿಗಳು
ನಾಳೆ ಜೆಸ್ಕಾಂ ನಗರ
ಗ್ರಾಹಕರ ಸಂವಾದ ಸಭೆ
ಹೊಸಪೇಟೆ ಟೈಮ್ಸ್ ನ್ಯೂಸ್
ವಿಜಯನಗರ(ಹೊಸಪೇಟೆ): ನಗರ ಉಪವಿಭಾಗ 1 ಮತ್ತು 2 ರ ಗ್ರಾಹಕರ ಕುಂದುಕೊರತೆ ಹಾಗೂ ವಿದ್ಯುತ್ ಸಮಸ್ಯೆಗಳನ್ನು ಪರಿಹರಿಸಲು ಪ್ರತಿ ತಿಂಗಳು ಗ್ರಾಹಕರ ಸಂವಾದ ಸಭೆಯನ್ನು ಹಮ್ಮಿಕೊಳ್ಳಲಾಗಿದೆ. ಅದರಂತೆ ನಗರ ಗ್ರಾಹಕರ ಸಂವಾದ ಸಭೆಯನ್ನು ಜು.19 ರಂದು ಮಧ್ಯಾಹ್ನ 4 ಗಂಟೆಯಿಂದ 5 ಗಂಟೆಯವರೆಗೆ ಹೊಸಪೇಟೆ ನಗರದ ಉಪವಿಭಾಗ-1 ರ ಕಛೇರಿಯಲ್ಲಿ ಗ್ರಾಹಕರ ಸಂವಾದ ಸಭೆಯನ್ನು ಆಯೋಜಿಸಲಾಗಿದೆ. ಗ್ರಾಹಕರು ಸಭೆಗೆ ಹಾಜರಾಗಿ ತಮ್ಮ ಅಹವಾಲುಗಳನ್ನು ಸಲ್ಲಿಸಿ ಸಮಸ್ಯೆಗಳನ್ನು ಪರಿಹರಿಸಿಕೊಳ್ಳಬಹುದು ಎಂದು ಜೆಸ್ಕಾಂ ನಗರ ಉಪವಿಭಾಗ-1 ರ ಸಹಾಯಕ ಕಾರ್ಯನಿರ್ವಾಹಕ ಅಭಿಯಂತರರು ಪ್ರಕಟಣೆಯಲ್ಲಿ ತಿಳಿಸಿದ್ದಾರೆ.
ನಾಳೆ ಜೆಸ್ಕಾಂ ಗ್ರಾಮೀಣ
ಗ್ರಾಹಕರ ಸಂವಾದ ಸಭೆ
ಹೊಸಪೇಟೆ ಟೈಮ್ಸ್ ನ್ಯೂಸ್
ವಿಜಯನಗರ(ಹೊಸಪೇಟೆ): ಹೊಸಪೇಟೆ ಗ್ರಾಮೀಣ ಉಪವಿಭಾಗ ಕಚೇರಿಯಲ್ಲಿ ಜು.19 ರಂದು ಮಧ್ಯಾಹ್ನ 3 ಗಂಟೆಗೆ ಗ್ರಾಹಕರ ಸಂವಾದ ಸಭೆಯನ್ನು ಏರ್ಪಡಿಸಲಾಗಿದೆ. ಹೊಸಪೇಟೆ ತಾಲೂಕಿನ ಗ್ರಾಮೀಣ ಭಾಗದ ವಿದ್ಯುತ್ ಗ್ರಾಹಕರು ಸಭೆಗೆ ಹಾಜರಾಗಿ ತಮ್ಮ ವಿದ್ಯುತ್ ಸಂಬಂಧಿತ ಸಮಸ್ಯೆಗಳನ್ನು ಸಲ್ಲಿಸಿ ಪರಿಹರಿಸಿಕೊಳ್ಳಬಹುದು ಎಂದು ಜೆಸ್ಕಾಂ ಗ್ರಾಮೀಣ ಉಪವಿಭಾಗದ ಸಹಾಯಕ ಕಾರ್ಯನಿರ್ವಾಹಕ ಅಭಿಯಂತರರು ಪ್ರಕಟಣೆಯಲ್ಲಿ ತಿಳಿಸಿದ್ದಾರೆ.
OWNER , PUBLISHER & PRINTER K. M. REKHA PUBLISHED AT HOSPET TIMES,   APOORVA OFFSET PRINTERS ,  SACHIDANAND LANE ,  MAIN BAZAR ,  HOSAPETE ,    BALLARI & PRINTED AT APOORVA OFFSET PRINTERS ,
SACHIDANAND LANE ,  MAIN BAZAR ,  HOSAPETE ,  BALLARI ,  EDITOR  K. M. REKHA.     EMAIL : hospettimes@gmail.com,  Mob No 94484 41484.
